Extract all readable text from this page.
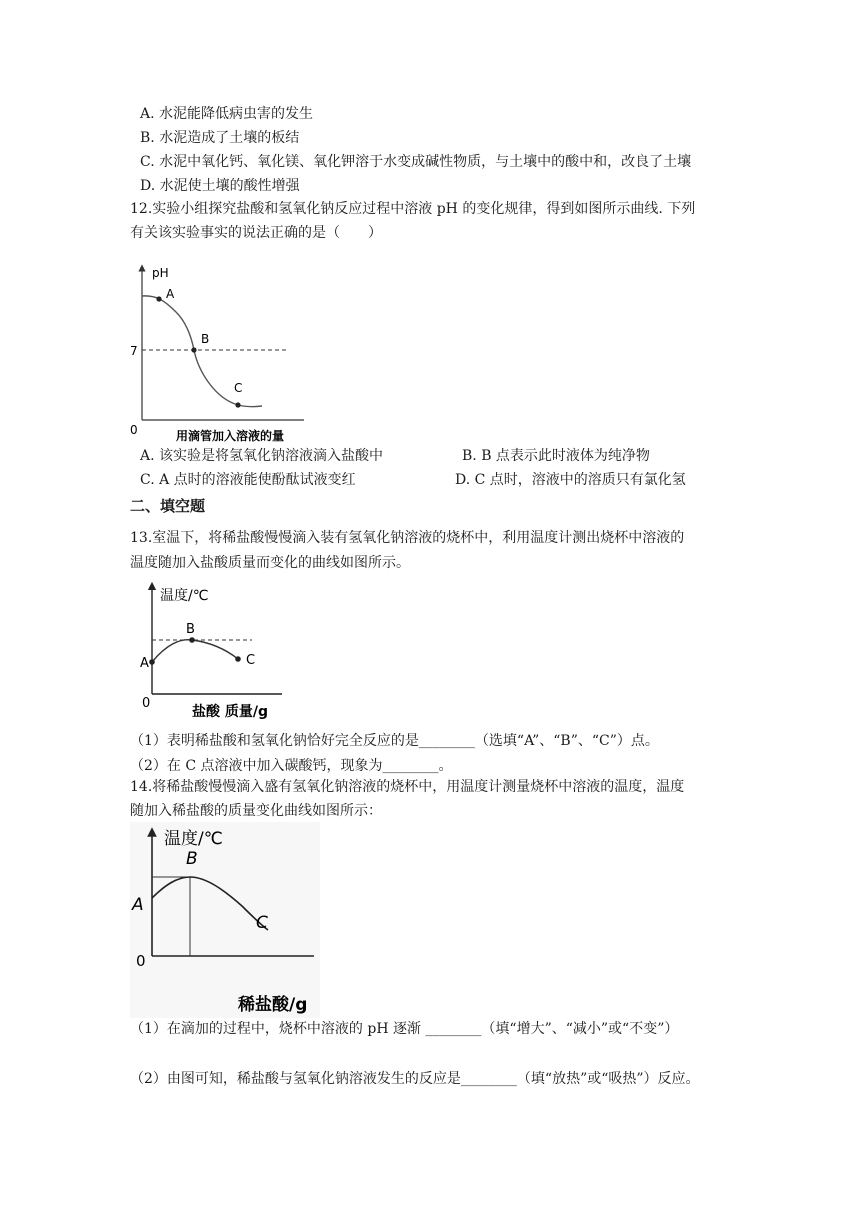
A. 水泥能降低病虫害的发生
B. 水泥造成了土壤的板结
C. 水泥中氧化钙、氧化镁、氧化钾溶于水变成碱性物质，与土壤中的酸中和，改良了土壤
D. 水泥使土壤的酸性增强
12.实验小组探究盐酸和氢氧化钠反应过程中溶液 pH 的变化规律，得到如图所示曲线. 下列
有关该实验事实的说法正确的是（　　）
pH
7
0
A
B
C
用滴管加入溶液的量
A. 该实验是将氢氧化钠溶液滴入盐酸中	B. B 点表示此时液体为纯净物
C. A 点时的溶液能使酚酞试液变红	D. C 点时，溶液中的溶质只有氯化氢
二、填空题
13.室温下，将稀盐酸慢慢滴入装有氢氧化钠溶液的烧杯中，利用温度计测出烧杯中溶液的
温度随加入盐酸质量而变化的曲线如图所示。
温度/℃
A
B
C
0
盐酸 质量/g
（1）表明稀盐酸和氢氧化钠恰好完全反应的是________（选填“A”、“B”、“C”）点。
（2）在 C 点溶液中加入碳酸钙，现象为________。
14.将稀盐酸慢慢滴入盛有氢氧化钠溶液的烧杯中，用温度计测量烧杯中溶液的温度，温度
随加入稀盐酸的质量变化曲线如图所示：
温度/℃
B
A
C
0
稀盐酸/g
（1）在滴加的过程中，烧杯中溶液的 pH 逐渐 ________（填“增大”、“减小”或“不变”）
（2）由图可知，稀盐酸与氢氧化钠溶液发生的反应是________（填“放热”或“吸热”）反应。
